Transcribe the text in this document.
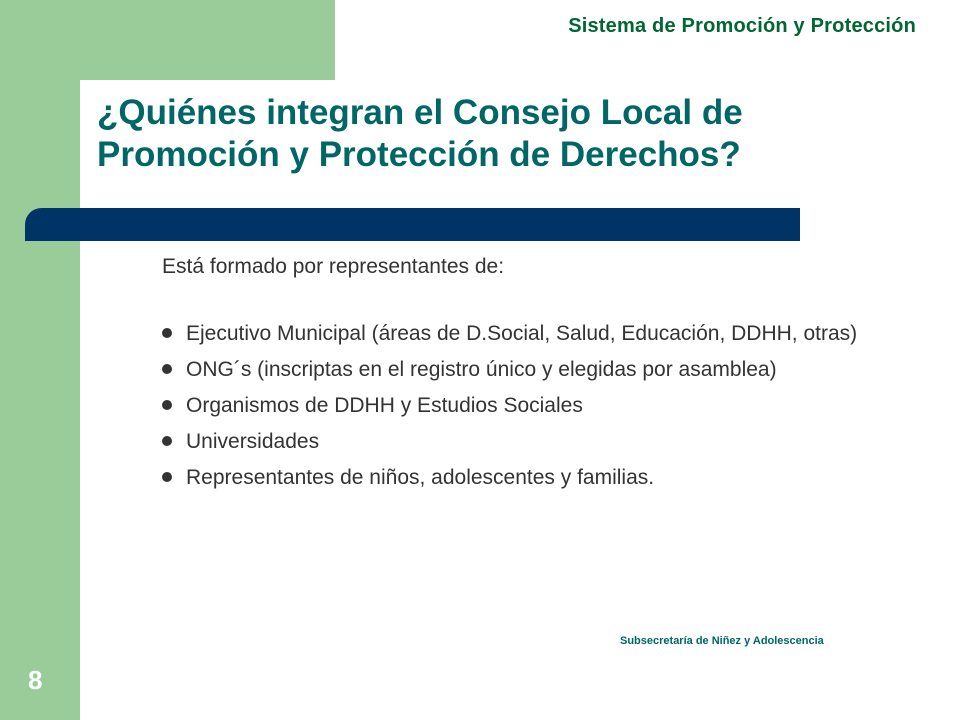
Sistema de Promoción y Protección
¿Quiénes integran el Consejo Local de
Promoción y Protección de Derechos?
Está formado por representantes de:
Ejecutivo Municipal (áreas de D.Social, Salud, Educación, DDHH, otras)
ONG´s (inscriptas en el registro único y elegidas por asamblea)
Organismos de DDHH y Estudios Sociales
Universidades
Representantes de niños, adolescentes y familias.
Subsecretaría de Niñez y Adolescencia
8
